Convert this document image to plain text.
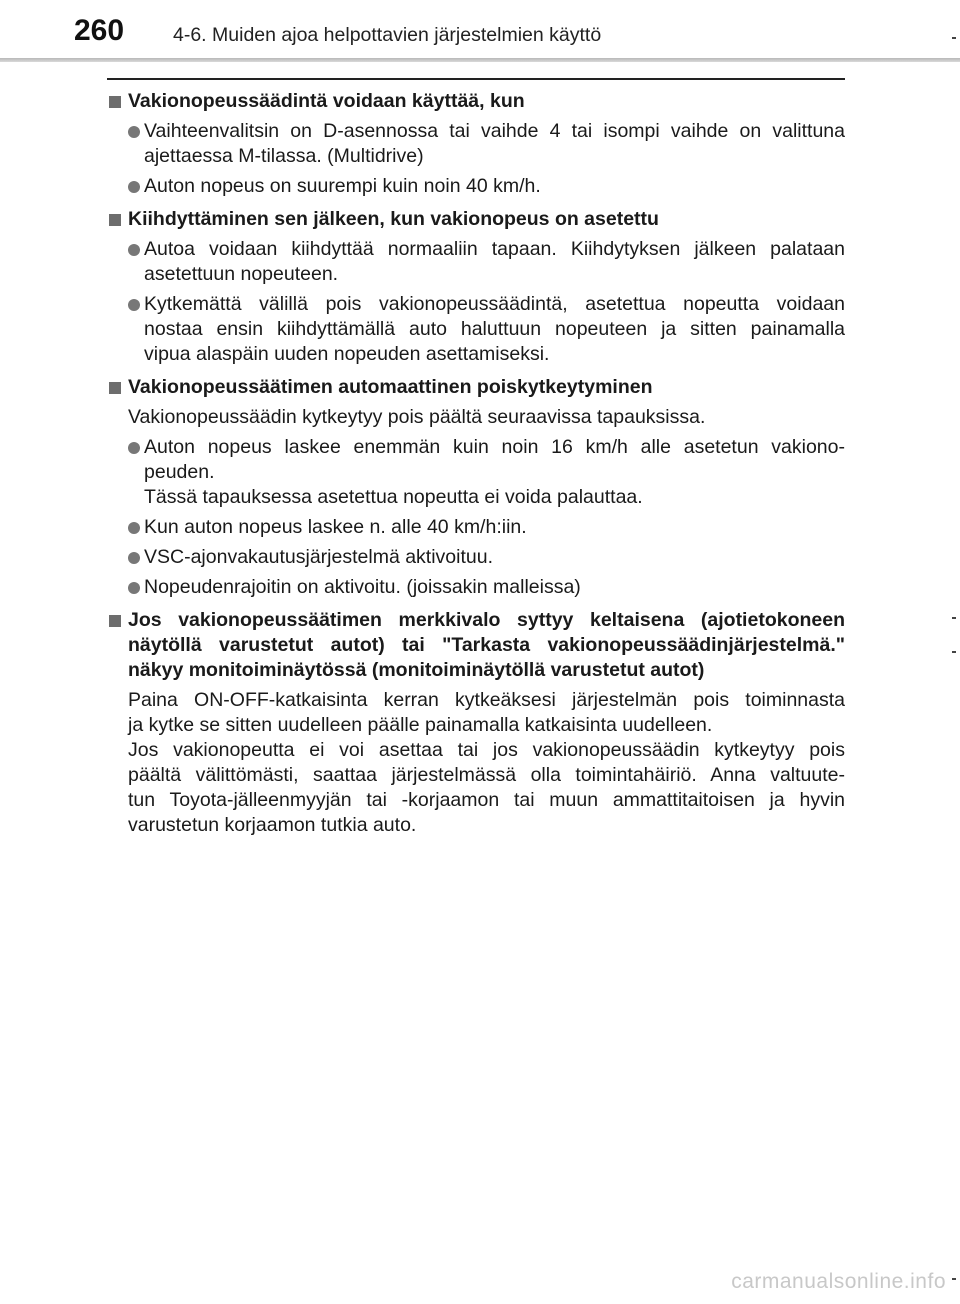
260	4-6. Muiden ajoa helpottavien järjestelmien käyttö
Vakionopeussäädintä voidaan käyttää, kun
Vaihteenvalitsin on D-asennossa tai vaihde 4 tai isompi vaihde on valittuna
ajettaessa M-tilassa. (Multidrive)
Auton nopeus on suurempi kuin noin 40 km/h.
Kiihdyttäminen sen jälkeen, kun vakionopeus on asetettu
Autoa voidaan kiihdyttää normaaliin tapaan. Kiihdytyksen jälkeen palataan
asetettuun nopeuteen.
Kytkemättä välillä pois vakionopeussäädintä, asetettua nopeutta voidaan
nostaa ensin kiihdyttämällä auto haluttuun nopeuteen ja sitten painamalla
vipua alaspäin uuden nopeuden asettamiseksi.
Vakionopeussäätimen automaattinen poiskytkeytyminen
Vakionopeussäädin kytkeytyy pois päältä seuraavissa tapauksissa.
Auton nopeus laskee enemmän kuin noin 16 km/h alle asetetun vakiono-
peuden.
Tässä tapauksessa asetettua nopeutta ei voida palauttaa.
Kun auton nopeus laskee n. alle 40 km/h:iin.
VSC-ajonvakautusjärjestelmä aktivoituu.
Nopeudenrajoitin on aktivoitu. (joissakin malleissa)
Jos vakionopeussäätimen merkkivalo syttyy keltaisena (ajotietokoneen
näytöllä varustetut autot) tai "Tarkasta vakionopeussäädinjärjestelmä."
näkyy monitoiminäytössä (monitoiminäytöllä varustetut autot)
Paina ON-OFF-katkaisinta kerran kytkeäksesi järjestelmän pois toiminnasta
ja kytke se sitten uudelleen päälle painamalla katkaisinta uudelleen.
Jos vakionopeutta ei voi asettaa tai jos vakionopeussäädin kytkeytyy pois
päältä välittömästi, saattaa järjestelmässä olla toimintahäiriö. Anna valtuute-
tun Toyota-jälleenmyyjän tai -korjaamon tai muun ammattitaitoisen ja hyvin
varustetun korjaamon tutkia auto.
carmanualsonline.info
